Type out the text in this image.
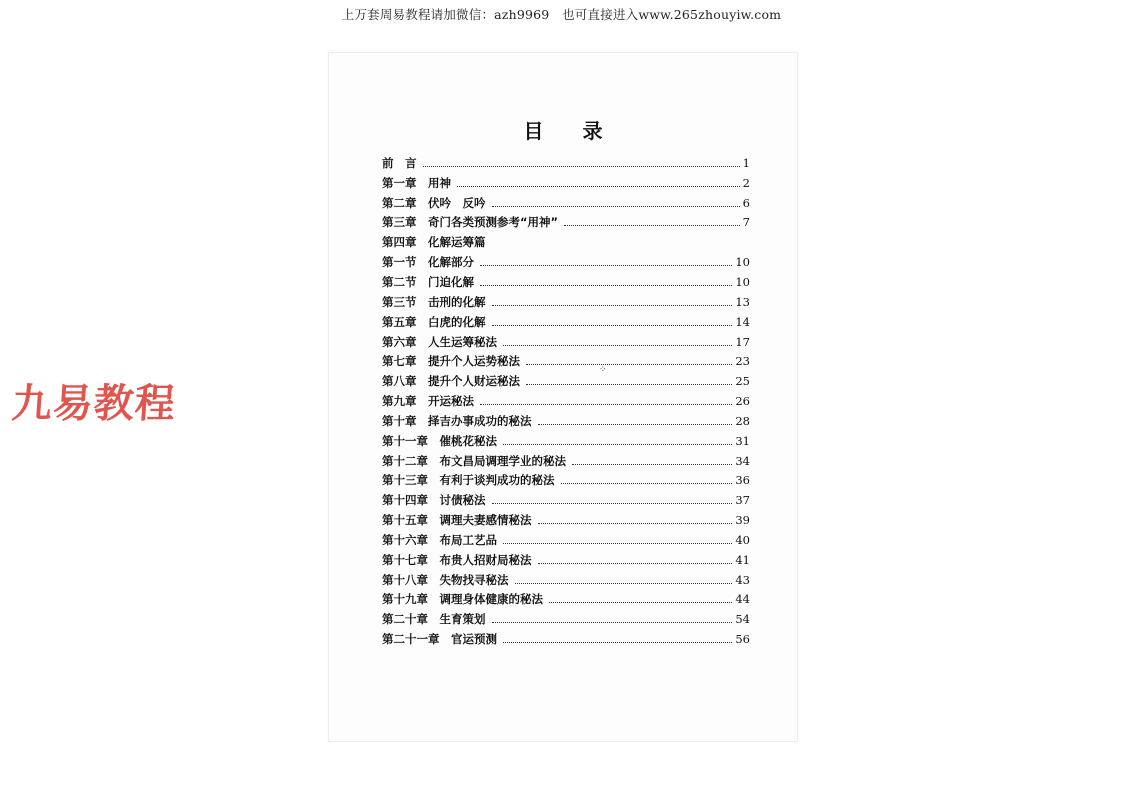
上万套周易教程请加微信：azh9969　也可直接进入www.265zhouyiw.com
目 录
前　言	1
第一章　用神	2
第二章　伏吟　反吟	6
第三章　奇门各类预测参考“用神”	7
第四章　化解运筹篇
第一节　化解部分	10
第二节　门迫化解	10
第三节　击刑的化解	13
第五章　白虎的化解	14
第六章　人生运筹秘法	17
第七章　提升个人运势秘法	23
第八章　提升个人财运秘法	25
第九章　开运秘法	26
第十章　择吉办事成功的秘法	28
第十一章　催桃花秘法	31
第十二章　布文昌局调理学业的秘法	34
第十三章　有利于谈判成功的秘法	36
第十四章　讨债秘法	37
第十五章　调理夫妻感情秘法	39
第十六章　布局工艺品	40
第十七章　布贵人招财局秘法	41
第十八章　失物找寻秘法	43
第十九章　调理身体健康的秘法	44
第二十章　生育策划	54
第二十一章　官运预测	56
⁘
九易教程
